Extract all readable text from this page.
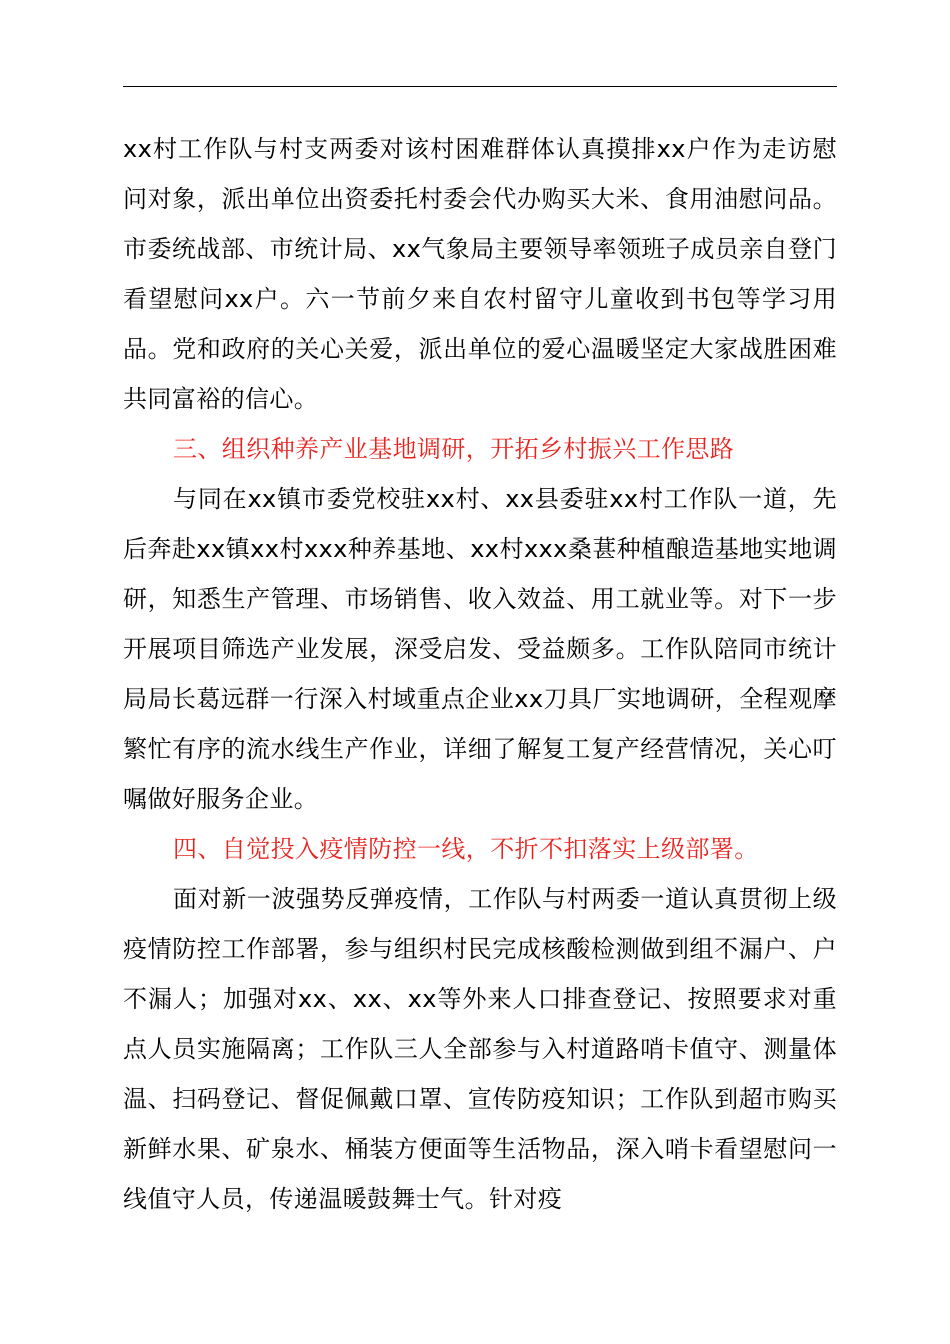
xx村工作队与村支两委对该村困难群体认真摸排xx户作为走访慰问对象，派出单位出资委托村委会代办购买大米、食用油慰问品。市委统战部、市统计局、xx气象局主要领导率领班子成员亲自登门看望慰问xx户。六一节前夕来自农村留守儿童收到书包等学习用品。党和政府的关心关爱，派出单位的爱心温暖坚定大家战胜困难共同富裕的信心。

三、组织种养产业基地调研，开拓乡村振兴工作思路

与同在xx镇市委党校驻xx村、xx县委驻xx村工作队一道，先后奔赴xx镇xx村xxx种养基地、xx村xxx桑葚种植酿造基地实地调研，知悉生产管理、市场销售、收入效益、用工就业等。对下一步开展项目筛选产业发展，深受启发、受益颇多。工作队陪同市统计局局长葛远群一行深入村域重点企业xx刀具厂实地调研，全程观摩繁忙有序的流水线生产作业，详细了解复工复产经营情况，关心叮嘱做好服务企业。

四、自觉投入疫情防控一线，不折不扣落实上级部署。

面对新一波强势反弹疫情，工作队与村两委一道认真贯彻上级疫情防控工作部署，参与组织村民完成核酸检测做到组不漏户、户不漏人；加强对xx、xx、xx等外来人口排查登记、按照要求对重点人员实施隔离；工作队三人全部参与入村道路哨卡值守、测量体温、扫码登记、督促佩戴口罩、宣传防疫知识；工作队到超市购买新鲜水果、矿泉水、桶装方便面等生活物品，深入哨卡看望慰问一线值守人员，传递温暖鼓舞士气。针对疫
